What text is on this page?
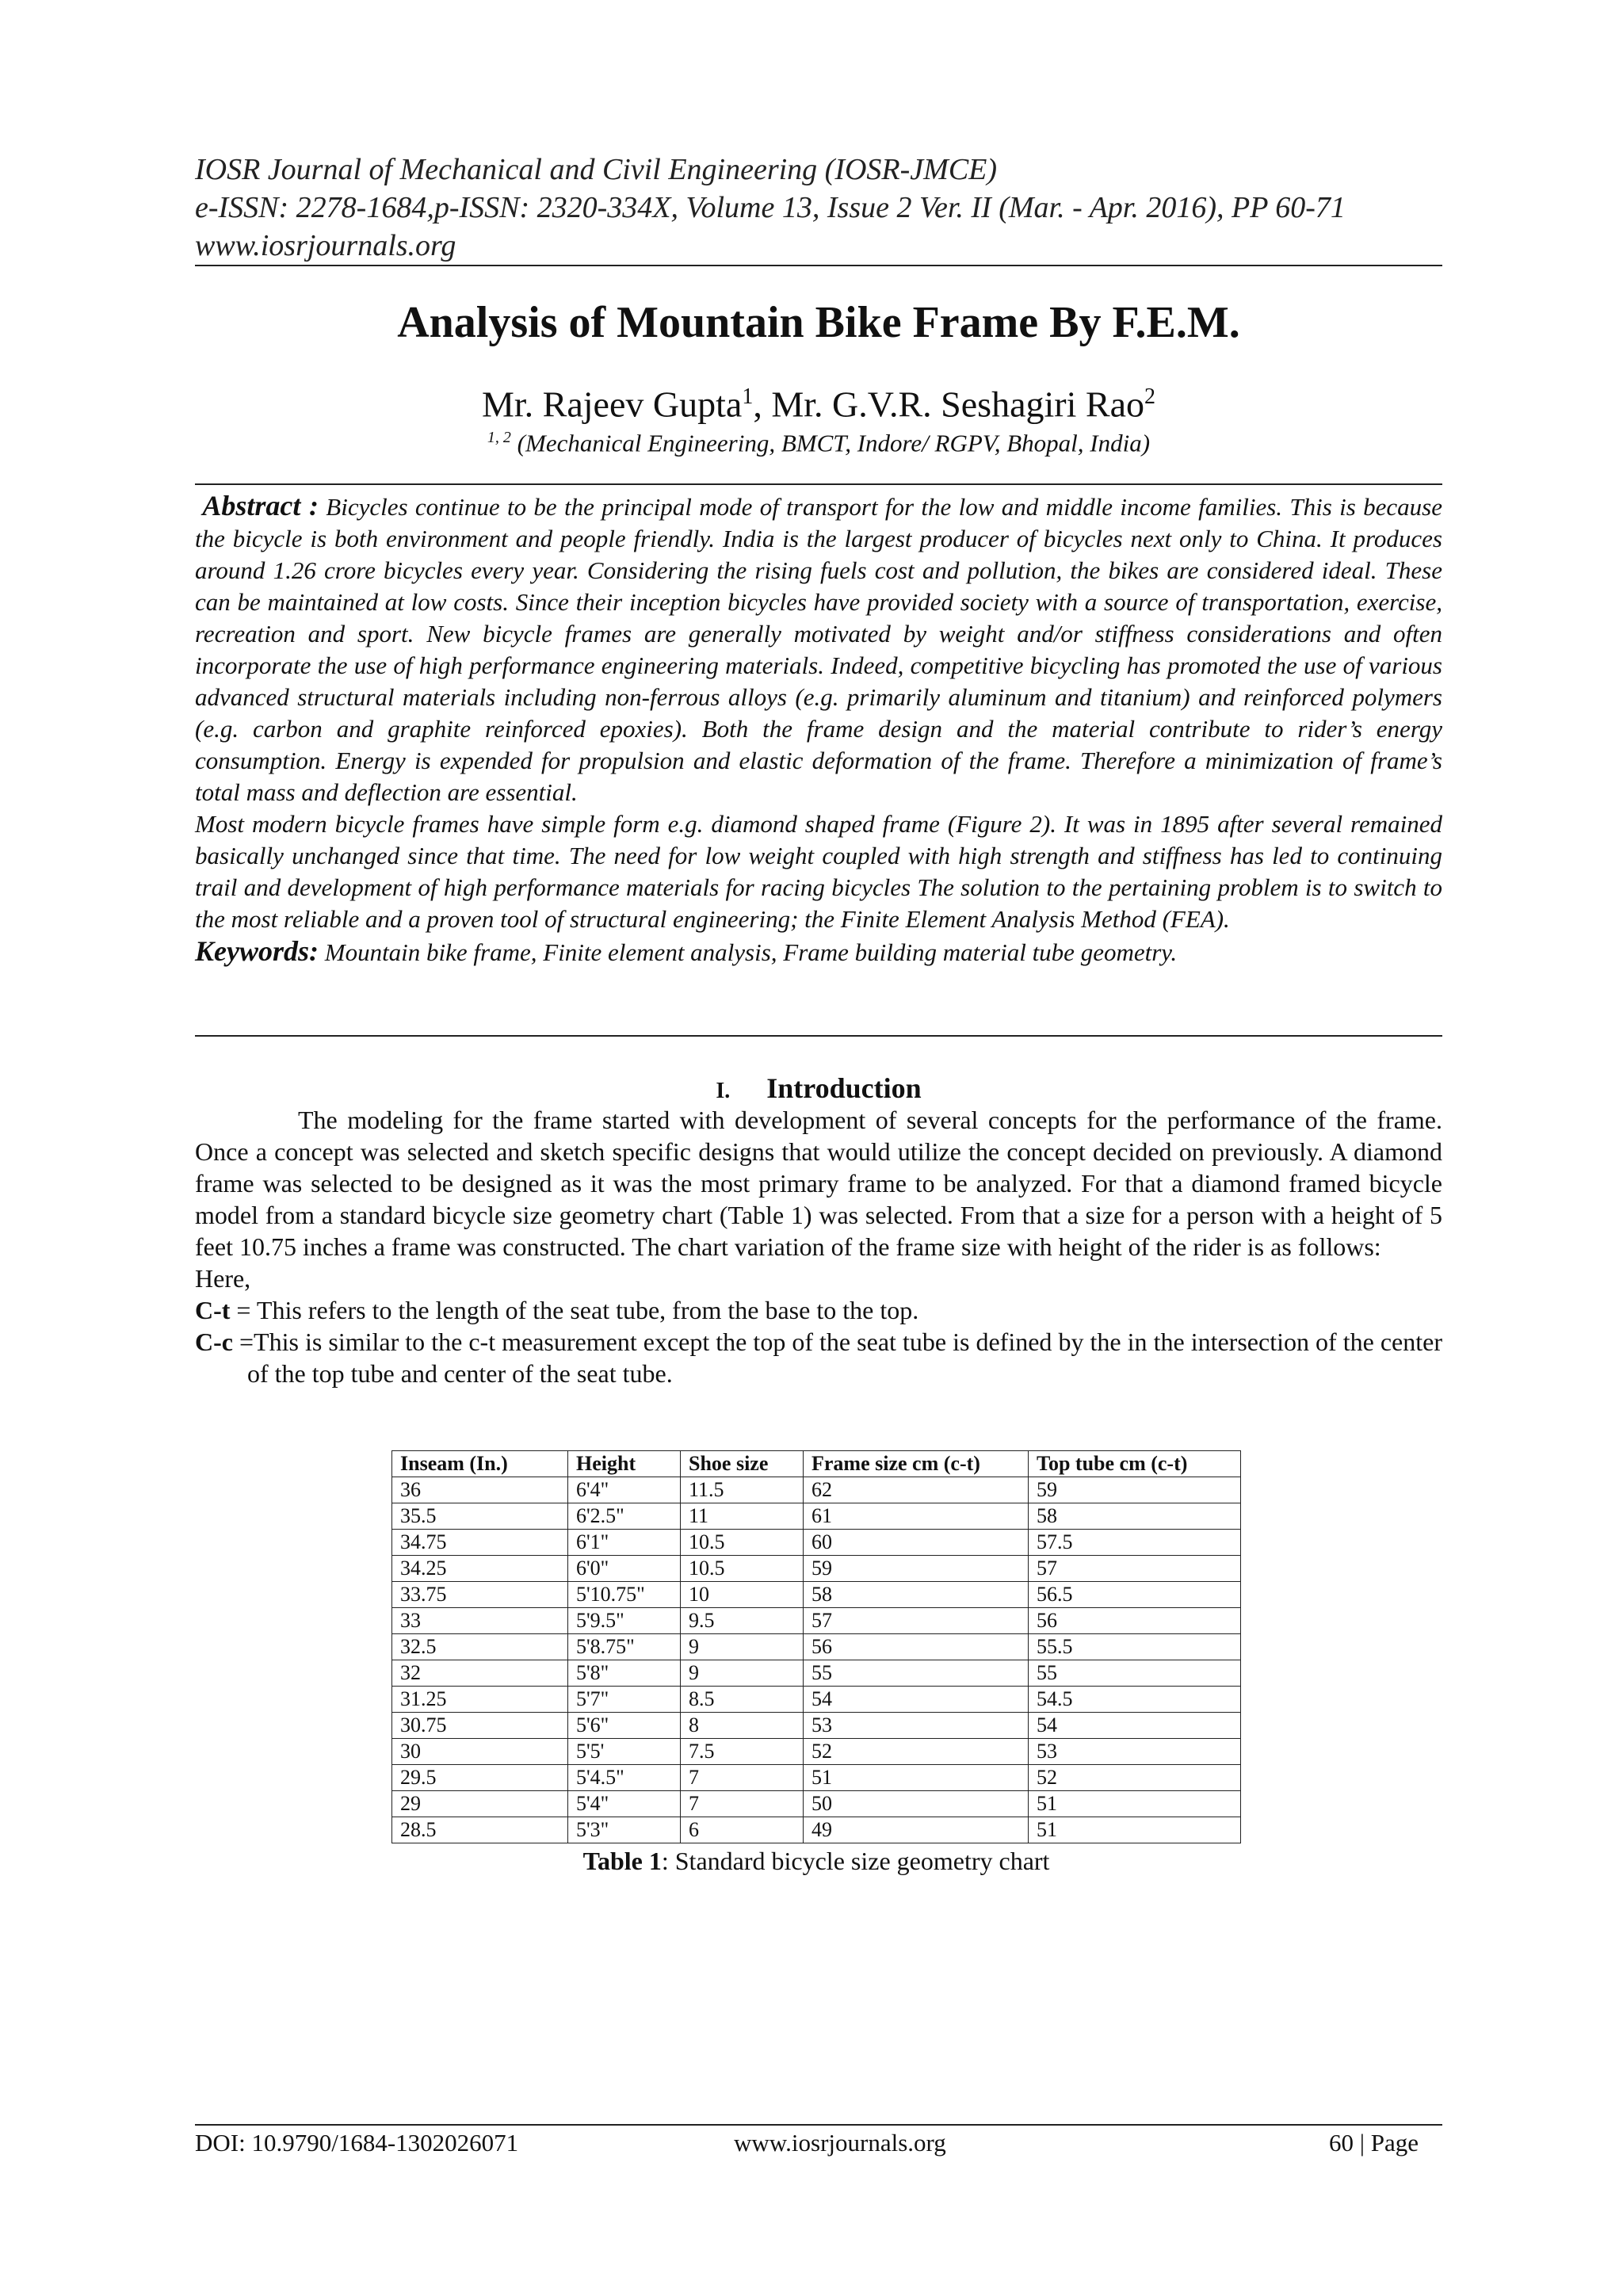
IOSR Journal of Mechanical and Civil Engineering (IOSR-JMCE)
e-ISSN: 2278-1684,p-ISSN: 2320-334X, Volume 13, Issue 2 Ver. II (Mar. - Apr. 2016), PP 60-71
www.iosrjournals.org
Analysis of Mountain Bike Frame By F.E.M.
Mr. Rajeev Gupta$^1$, Mr. G.V.R. Seshagiri Rao$^2$
$^{1, 2}$ (Mechanical Engineering, BMCT, Indore/ RGPV, Bhopal, India)

Abstract : Bicycles continue to be the principal mode of transport for the low and middle income families. This is because the bicycle is both environment and people friendly. India is the largest producer of bicycles next only to China. It produces around 1.26 crore bicycles every year. Considering the rising fuels cost and pollution, the bikes are considered ideal. These can be maintained at low costs. Since their inception bicycles have provided society with a source of transportation, exercise, recreation and sport. New bicycle frames are generally motivated by weight and/or stiffness considerations and often incorporate the use of high performance engineering materials. Indeed, competitive bicycling has promoted the use of various advanced structural materials including non-ferrous alloys (e.g. primarily aluminum and titanium) and reinforced polymers (e.g. carbon and graphite reinforced epoxies). Both the frame design and the material contribute to rider’s energy consumption. Energy is expended for propulsion and elastic deformation of the frame. Therefore a minimization of frame’s total mass and deflection are essential.

Most modern bicycle frames have simple form e.g. diamond shaped frame (Figure 2). It was in 1895 after several remained basically unchanged since that time. The need for low weight coupled with high strength and stiffness has led to continuing trail and development of high performance materials for racing bicycles The solution to the pertaining problem is to switch to the most reliable and a proven tool of structural engineering; the Finite Element Analysis Method (FEA).

Keywords: Mountain bike frame, Finite element analysis, Frame building material tube geometry.

I. Introduction

The modeling for the frame started with development of several concepts for the performance of the frame. Once a concept was selected and sketch specific designs that would utilize the concept decided on previously. A diamond frame was selected to be designed as it was the most primary frame to be analyzed. For that a diamond framed bicycle model from a standard bicycle size geometry chart (Table 1) was selected. From that a size for a person with a height of 5 feet 10.75 inches a frame was constructed. The chart variation of the frame size with height of the rider is as follows:

Here,

C-t = This refers to the length of the seat tube, from the base to the top.

C-c =This is similar to the c-t measurement except the top of the seat tube is defined by the in the intersection of the center of the top tube and center of the seat tube.

Inseam (In.)	Height	Shoe size	Frame size cm (c-t)	Top tube cm (c-t)
36	6'4"	11.5	62	59
35.5	6'2.5"	11	61	58
34.75	6'1"	10.5	60	57.5
34.25	6'0"	10.5	59	57
33.75	5'10.75"	10	58	56.5
33	5'9.5"	9.5	57	56
32.5	5'8.75"	9	56	55.5
32	5'8"	9	55	55
31.25	5'7"	8.5	54	54.5
30.75	5'6"	8	53	54
30	5'5'	7.5	52	53
29.5	5'4.5"	7	51	52
29	5'4"	7	50	51
28.5	5'3"	6	49	51
Table 1: Standard bicycle size geometry chart
DOI: 10.9790/1684-1302026071	www.iosrjournals.org	60 | Page
